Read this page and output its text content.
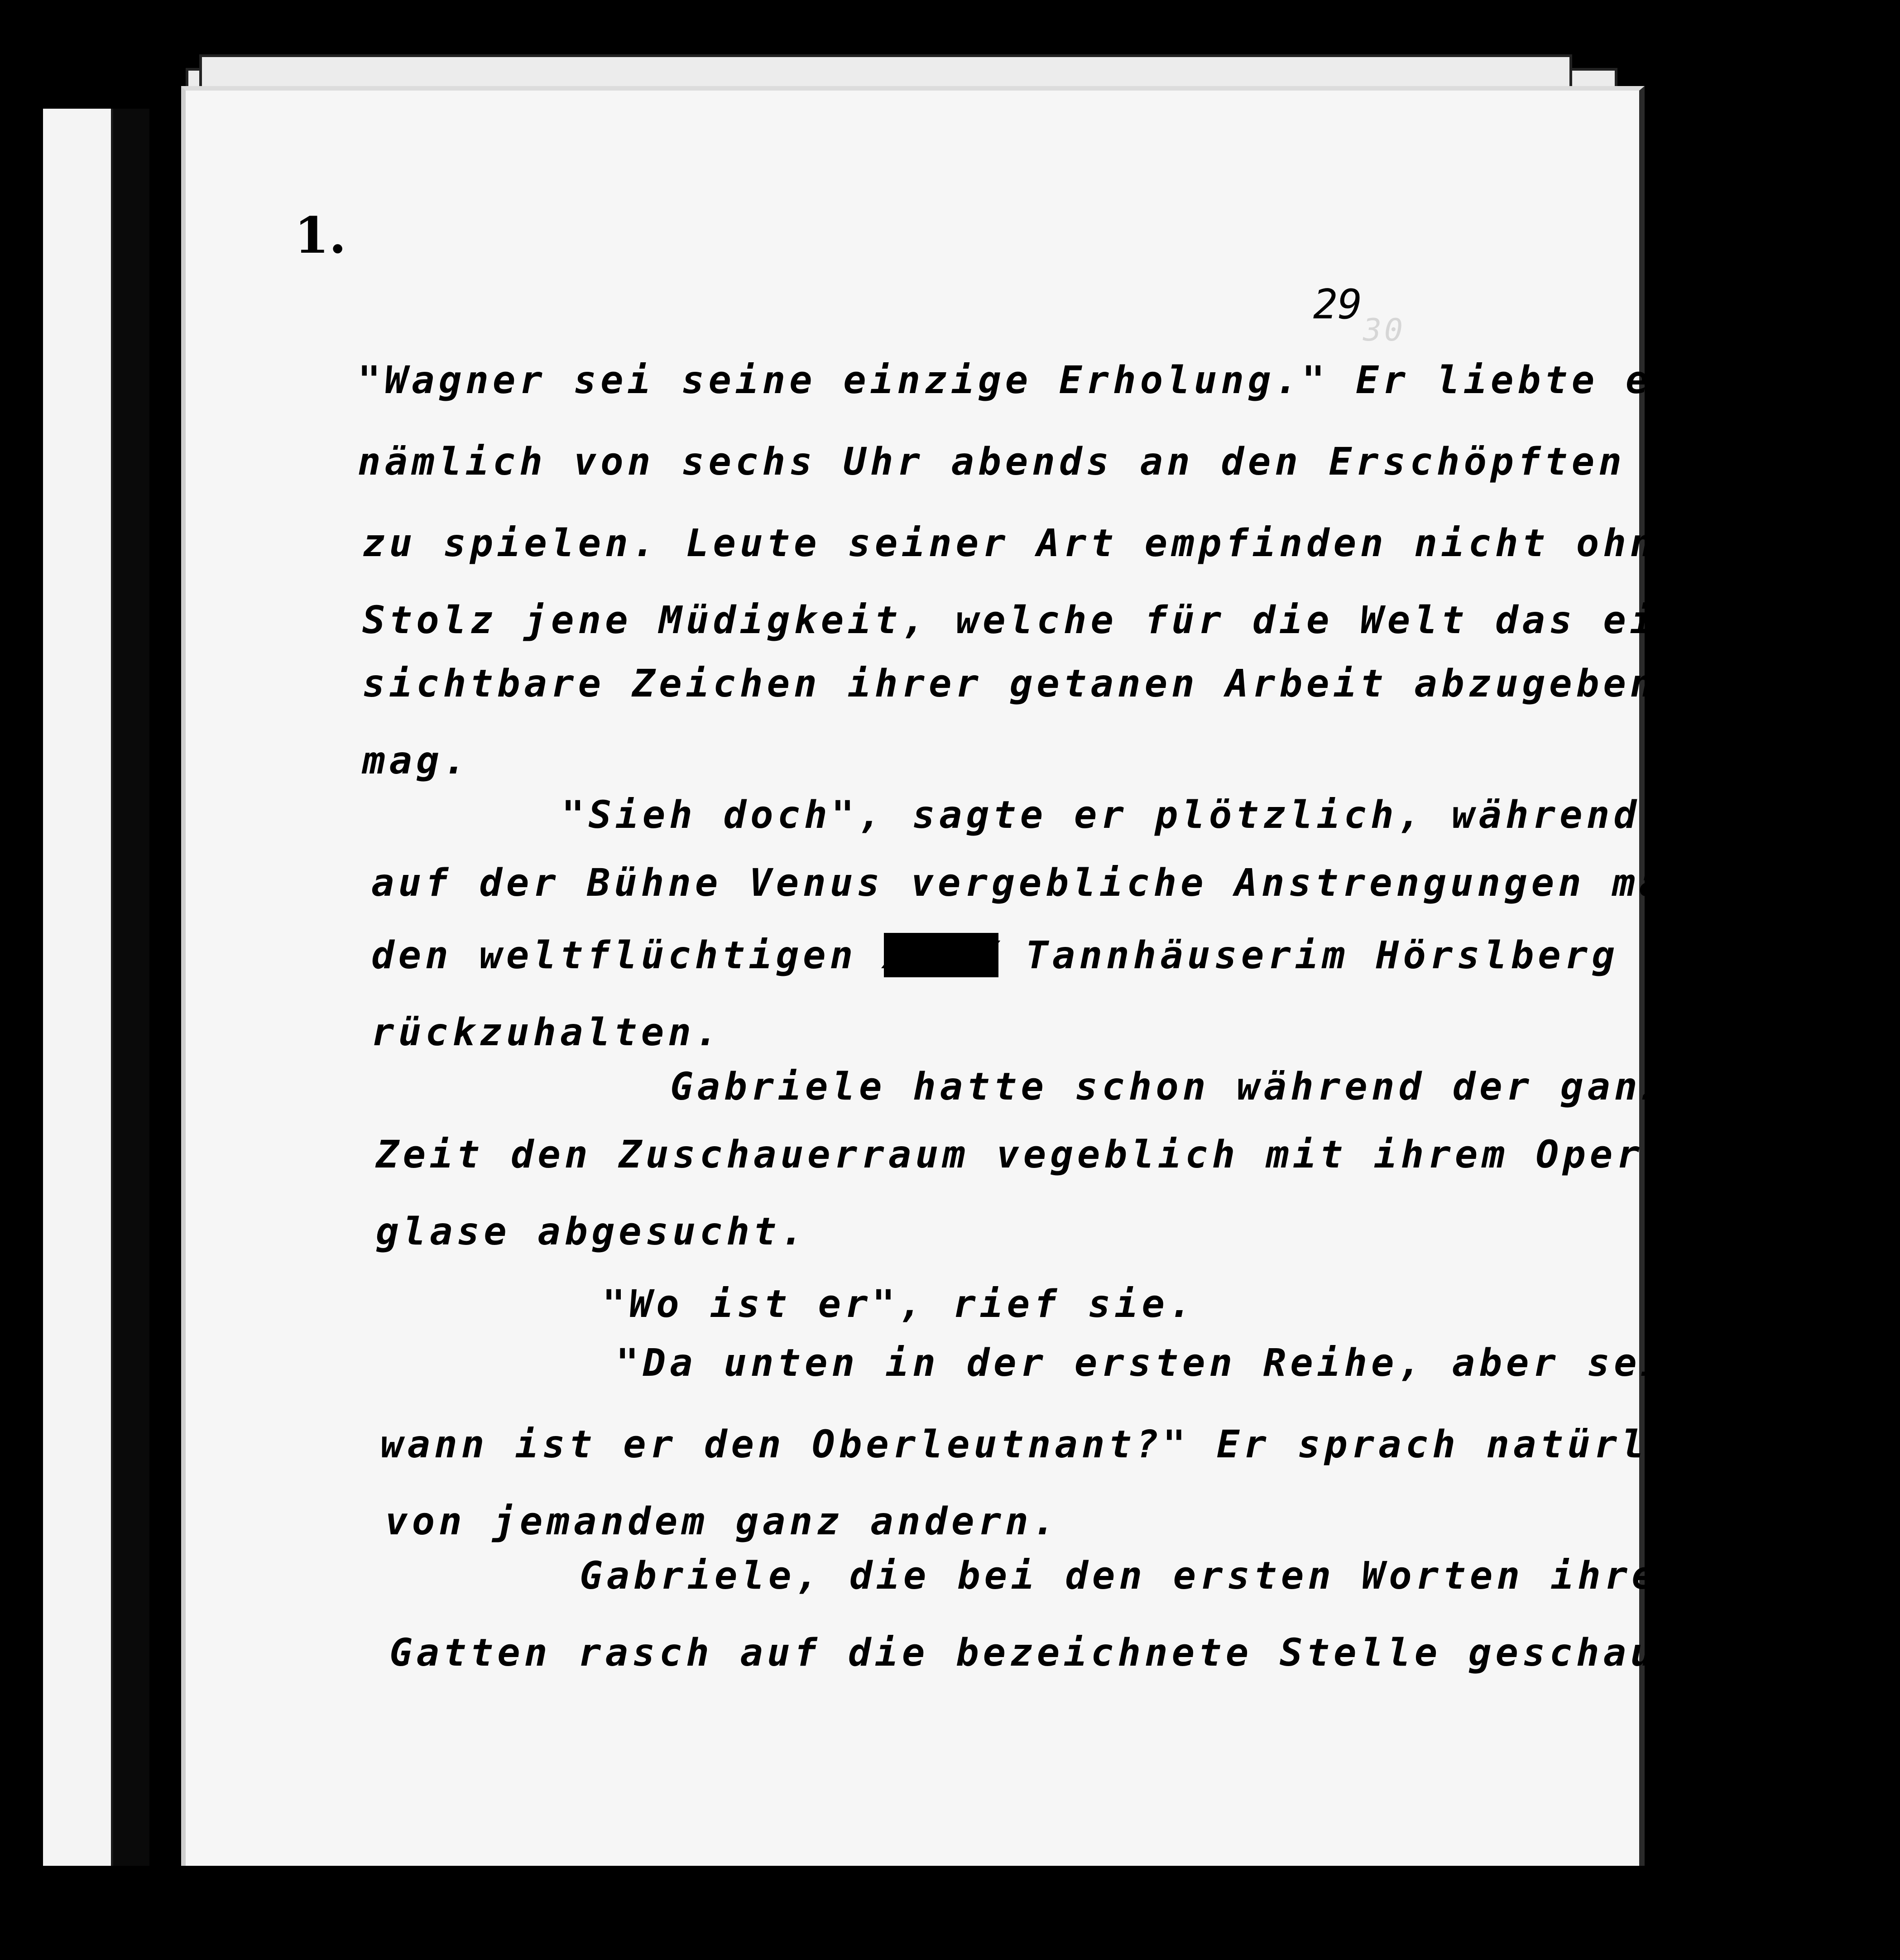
30
1.
29
"Wagner sei seine einzige Erholung." Er liebte es
nämlich von sechs Uhr abends an den Erschöpften
zu spielen. Leute seiner Art empfinden nicht ohne
Stolz jene Müdigkeit, welche für die Welt das einzig
sichtbare Zeichen ihrer getanen Arbeit abzugeben ver-
mag.
"Sieh doch", sagte er plötzlich, während
auf der Bühne Venus vergebliche Anstrengungen machte
den weltflüchtigen XXXXX Tannhäuserim Hörslberg zu -
rückzuhalten.
Gabriele hatte schon während der ganzen
Zeit den Zuschauerraum vegeblich mit ihrem Opern -
glase abgesucht.
"Wo ist er", rief sie.
"Da unten in der ersten Reihe, aber seit
wann ist er den Oberleutnant?" Er sprach natürlich
von jemandem ganz andern.
Gabriele, die bei den ersten Worten ihres
Gatten rasch auf die bezeichnete Stelle geschaut, wand -
